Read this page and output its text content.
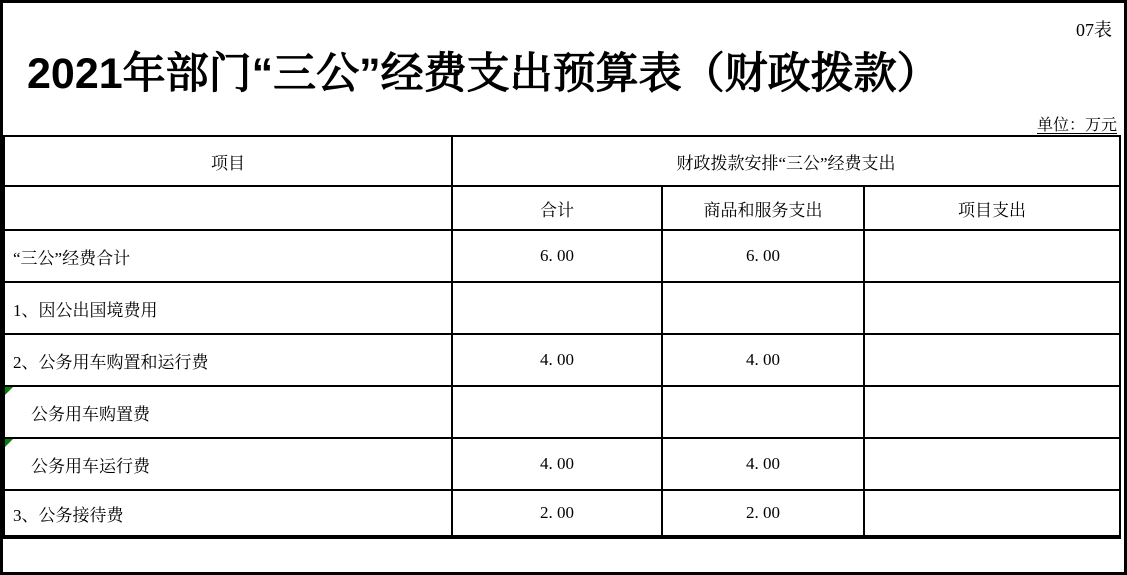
07表
2021年部门“三公”经费支出预算表（财政拨款）
单位：万元
项目	财政拨款安排“三公”经费支出		
	合计	商品和服务支出	项目支出
“三公”经费合计	6. 00	6. 00	
1、因公出国境费用			
2、公务用车购置和运行费	4. 00	4. 00	

公务用车购置费			

公务用车运行费	4. 00	4. 00	
3、公务接待费	2. 00	2. 00	
